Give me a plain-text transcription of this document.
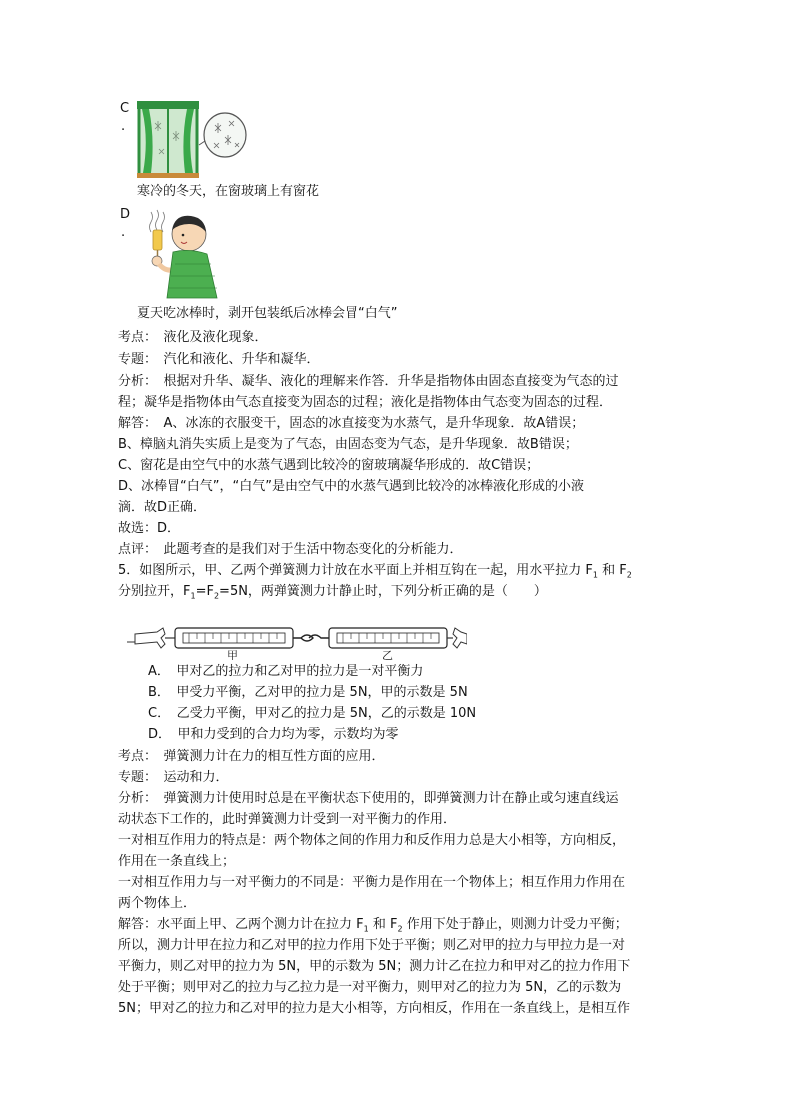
C
.
寒冷的冬天，在窗玻璃上有窗花
D
.
夏天吃冰棒时，剥开包装纸后冰棒会冒“白气”
考点：　液化及液化现象．
专题：　汽化和液化、升华和凝华．
分析：　根据对升华、凝华、液化的理解来作答．升华是指物体由固态直接变为气态的过
程；凝华是指物体由气态直接变为固态的过程；液化是指物体由气态变为固态的过程．
解答：　A、冰冻的衣服变干，固态的冰直接变为水蒸气，是升华现象．故A错误；
B、樟脑丸消失实质上是变为了气态，由固态变为气态，是升华现象．故B错误；
C、窗花是由空气中的水蒸气遇到比较冷的窗玻璃凝华形成的．故C错误；
D、冰棒冒“白气”，“白气”是由空气中的水蒸气遇到比较冷的冰棒液化形成的小液
滴．故D正确．
故选：D．
点评：　此题考查的是我们对于生活中物态变化的分析能力．
5．如图所示，甲、乙两个弹簧测力计放在水平面上并相互钩在一起，用水平拉力 $F_1$ 和 $F_2$
分别拉开，$F_1=F_2=5N$，两弹簧测力计静止时，下列分析正确的是（　　）
甲	乙
A．　甲对乙的拉力和乙对甲的拉力是一对平衡力
B．　甲受力平衡，乙对甲的拉力是 5N，甲的示数是 5N
C．　乙受力平衡，甲对乙的拉力是 5N，乙的示数是 10N
D．　甲和力受到的合力均为零，示数均为零
考点：　弹簧测力计在力的相互性方面的应用．
专题：　运动和力．
分析：　弹簧测力计使用时总是在平衡状态下使用的，即弹簧测力计在静止或匀速直线运
动状态下工作的，此时弹簧测力计受到一对平衡力的作用．
一对相互作用力的特点是：两个物体之间的作用力和反作用力总是大小相等，方向相反，
作用在一条直线上；
一对相互作用力与一对平衡力的不同是：平衡力是作用在一个物体上；相互作用力作用在
两个物体上．
解答：水平面上甲、乙两个测力计在拉力 $F_1$ 和 $F_2$ 作用下处于静止，则测力计受力平衡；
所以，测力计甲在拉力和乙对甲的拉力作用下处于平衡；则乙对甲的拉力与甲拉力是一对
平衡力，则乙对甲的拉力为 5N，甲的示数为 5N；测力计乙在拉力和甲对乙的拉力作用下
处于平衡；则甲对乙的拉力与乙拉力是一对平衡力，则甲对乙的拉力为 5N，乙的示数为
5N；甲对乙的拉力和乙对甲的拉力是大小相等，方向相反，作用在一条直线上，是相互作
